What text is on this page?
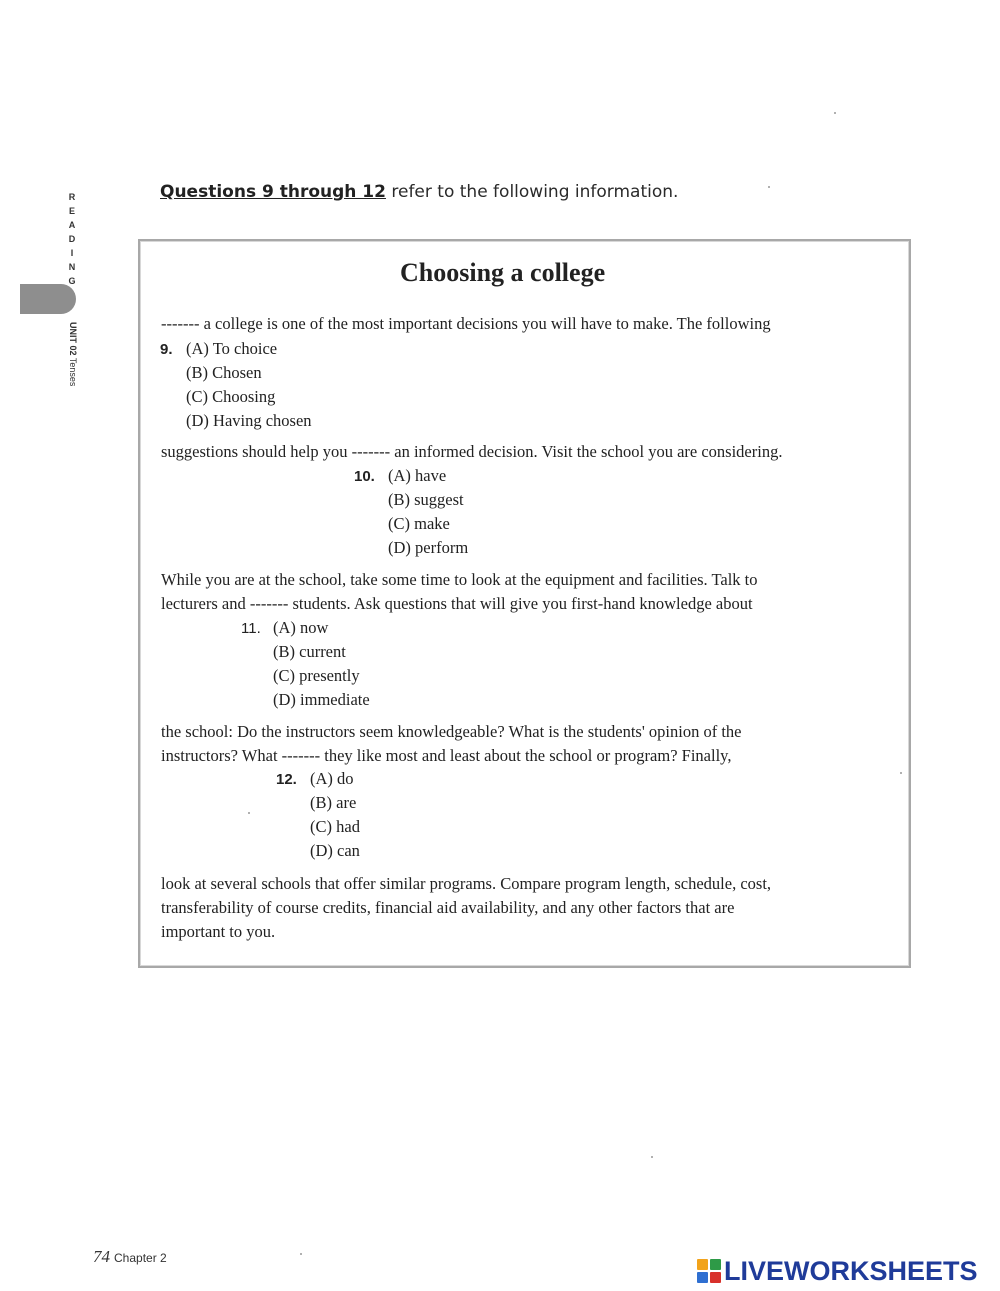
R
E
A
D
I
N
G
UNIT 02 Tenses
Questions 9 through 12 refer to the following information.
Choosing a college
------- a college is one of the most important decisions you will have to make. The following
9. (A) To choice
(B) Chosen
(C) Choosing
(D) Having chosen
suggestions should help you ------- an informed decision. Visit the school you are considering.
10. (A) have
(B) suggest
(C) make
(D) perform
While you are at the school, take some time to look at the equipment and facilities. Talk to
lecturers and ------- students. Ask questions that will give you first-hand knowledge about
11. (A) now
(B) current
(C) presently
(D) immediate
the school: Do the instructors seem knowledgeable? What is the students' opinion of the
instructors? What ------- they like most and least about the school or program? Finally,
12. (A) do
(B) are
(C) had
(D) can
look at several schools that offer similar programs. Compare program length, schedule, cost,
transferability of course credits, financial aid availability, and any other factors that are
important to you.
74 Chapter 2	LIVEWORKSHEETS
